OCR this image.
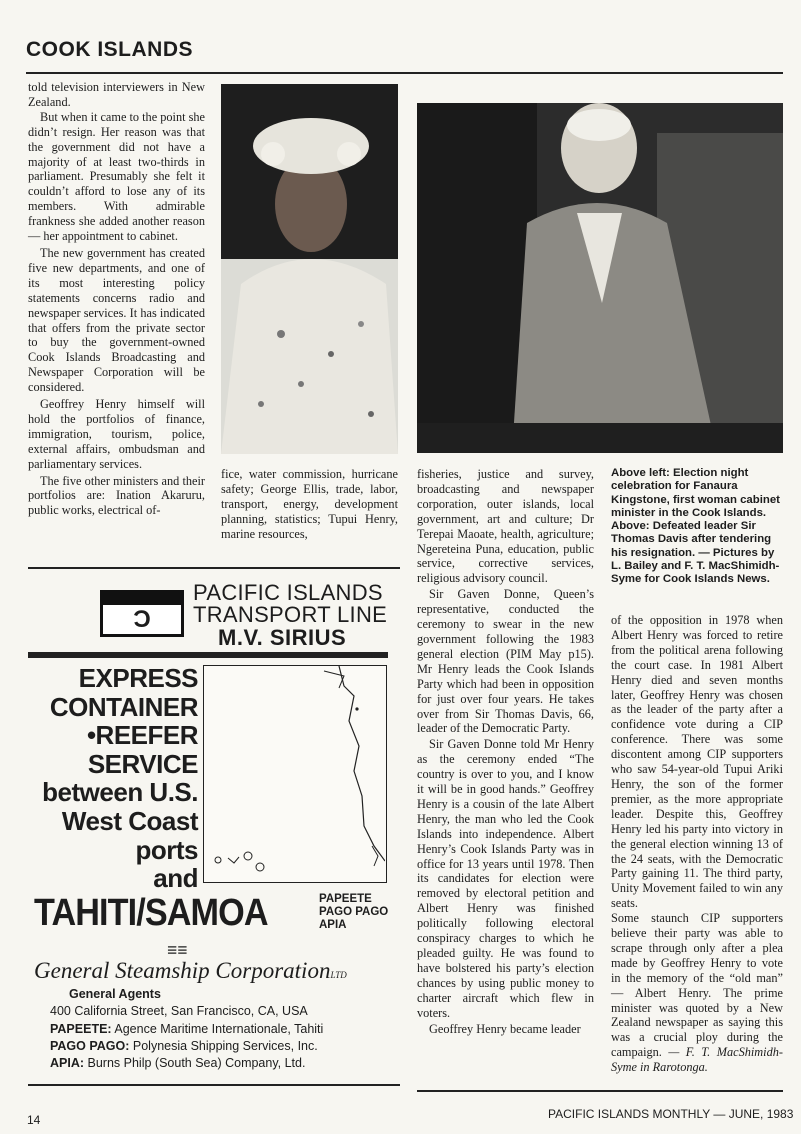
COOK ISLANDS

told television interviewers in New Zealand.

But when it came to the point she didn’t resign. Her reason was that the government did not have a majority of at least two-thirds in parliament. Presumably she felt it couldn’t afford to lose any of its members. With admirable frankness she added another reason — her appointment to cabinet.

The new government has created five new departments, and one of its most interesting policy statements concerns radio and newspaper services. It has indicated that offers from the private sector to buy the government-owned Cook Islands Broadcasting and Newspaper Corporation will be considered.

Geoffrey Henry himself will hold the portfolios of finance, immigration, tourism, police, external affairs, ombudsman and parliamentary services.

The five other ministers and their portfolios are: Ination Akaruru, public works, electrical of-

fice, water commission, hurricane safety; George Ellis, trade, labor, transport, energy, development planning, statistics; Tupui Henry, marine resources,

fisheries, justice and survey, broadcasting and newspaper corporation, outer islands, local government, art and culture; Dr Terepai Maoate, health, agriculture; Ngereteina Puna, education, public service, corrective services, religious advisory council.

Sir Gaven Donne, Queen’s representative, conducted the ceremony to swear in the new government following the 1983 general election (PIM May p15). Mr Henry leads the Cook Islands Party which had been in opposition for just over four years. He takes over from Sir Thomas Davis, 66, leader of the Democratic Party.

Sir Gaven Donne told Mr Henry as the ceremony ended “The country is over to you, and I know it will be in good hands.” Geoffrey Henry is a cousin of the late Albert Henry, the man who led the Cook Islands into independence. Albert Henry’s Cook Islands Party was in office for 13 years until 1978. Then its candidates for election were removed by electoral petition and Albert Henry was finished politically following electoral conspiracy charges to which he pleaded guilty. He was found to have bolstered his party’s election chances by using public money to charter aircraft which flew in voters.

Geoffrey Henry became leader

Above left: Election night celebration for Fanaura Kingstone, first woman cabinet minister in the Cook Islands. Above: Defeated leader Sir Thomas Davis after tendering his resignation. — Pictures by L. Bailey and F. T. MacShimidh-Syme for Cook Islands News.

of the opposition in 1978 when Albert Henry was forced to retire from the political arena following the court case. In 1981 Albert Henry died and seven months later, Geoffrey Henry was chosen as the leader of the party after a confidence vote during a CIP conference. There was some discontent among CIP supporters who saw 54-year-old Tupui Ariki Henry, the son of the former premier, as the more appropriate leader. Despite this, Geoffrey Henry led his party into victory in the general election winning 13 of the 24 seats, with the Democratic Party gaining 11. The third party, Unity Movement failed to win any seats.

Some staunch CIP supporters believe their party was able to scrape through only after a plea made by Geoffrey Henry to vote in the memory of the “old man” — Albert Henry. The prime minister was quoted by a New Zealand newspaper as saying this was a crucial ploy during the campaign. — F. T. MacShimidh-Syme in Rarotonga.
Ɔ
PACIFIC ISLANDS
TRANSPORT LINE
M.V. SIRIUS
EXPRESS
CONTAINER
•REEFER
SERVICE
between U.S.
West Coast
ports
and
TAHITI/SAMOA	PAPEETE
PAGO PAGO
APIA
≡≡
General Steamship CorporationLTD
General Agents
400 California Street, San Francisco, CA, USA
PAPEETE: Agence Maritime Internationale, Tahiti
PAGO PAGO: Polynesia Shipping Services, Inc.
APIA: Burns Philp (South Sea) Company, Ltd.
14	PACIFIC ISLANDS MONTHLY — JUNE, 1983
